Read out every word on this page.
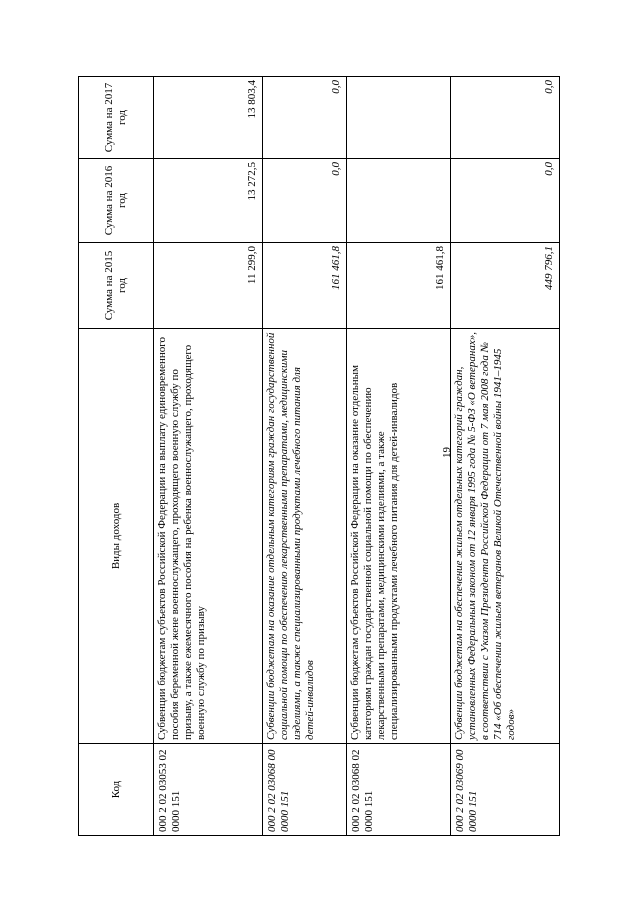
19
Код	Виды доходов	Сумма на 2015 год	Сумма на 2016 год	Сумма на 2017 год
000 2 02 03053 02 0000 151	Субвенции бюджетам субъектов Российской Федерации на выплату единовременного пособия беременной жене военнослужащего, проходящего военную службу по призыву, а также ежемесячного пособия на ребенка военнослужащего, проходящего военную службу по призыву	11 299,0	13 272,5	13 803,4
000 2 02 03068 00 0000 151	Субвенции бюджетам на оказание отдельным категориям граждан государственной социальной помощи по обеспечению лекарственными препаратами, медицинскими изделиями, а также специализированными продуктами лечебного питания для детей-инвалидов	161 461,8	0,0	0,0
000 2 02 03068 02 0000 151	Субвенции бюджетам субъектов Российской Федерации на оказание отдельным категориям граждан государственной социальной помощи по обеспечению лекарственными препаратами, медицинскими изделиями, а также специализированными продуктами лечебного питания для детей-инвалидов	161 461,8		
000 2 02 03069 00 0000 151	Субвенции бюджетам на обеспечение жильем отдельных категорий граждан, установленных Федеральным законом от 12 января 1995 года № 5-ФЗ «О ветеранах», в соответствии с Указом Президента Российской Федерации от 7 мая 2008 года № 714 «Об обеспечении жильем ветеранов Великой Отечественной войны 1941–1945 годов»	449 796,1	0,0	0,0
